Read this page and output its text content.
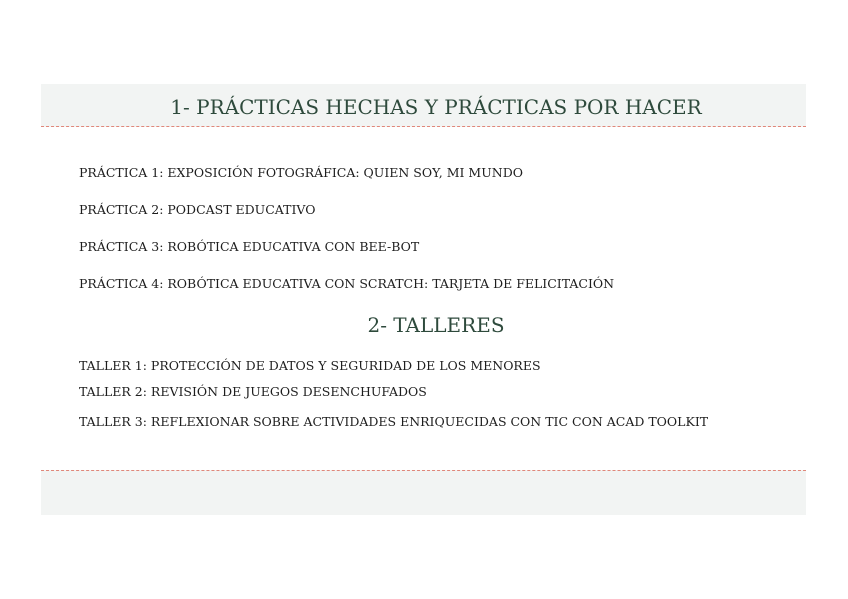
1- PRÁCTICAS HECHAS Y PRÁCTICAS POR HACER
PRÁCTICA 1: EXPOSICIÓN FOTOGRÁFICA: QUIEN SOY, MI MUNDO
PRÁCTICA 2: PODCAST EDUCATIVO
PRÁCTICA 3: ROBÓTICA EDUCATIVA CON BEE-BOT
PRÁCTICA 4: ROBÓTICA EDUCATIVA CON SCRATCH: TARJETA DE FELICITACIÓN
2- TALLERES
TALLER 1: PROTECCIÓN DE DATOS Y SEGURIDAD DE LOS MENORES
TALLER 2: REVISIÓN DE JUEGOS DESENCHUFADOS
TALLER 3: REFLEXIONAR SOBRE ACTIVIDADES ENRIQUECIDAS CON TIC CON ACAD TOOLKIT
